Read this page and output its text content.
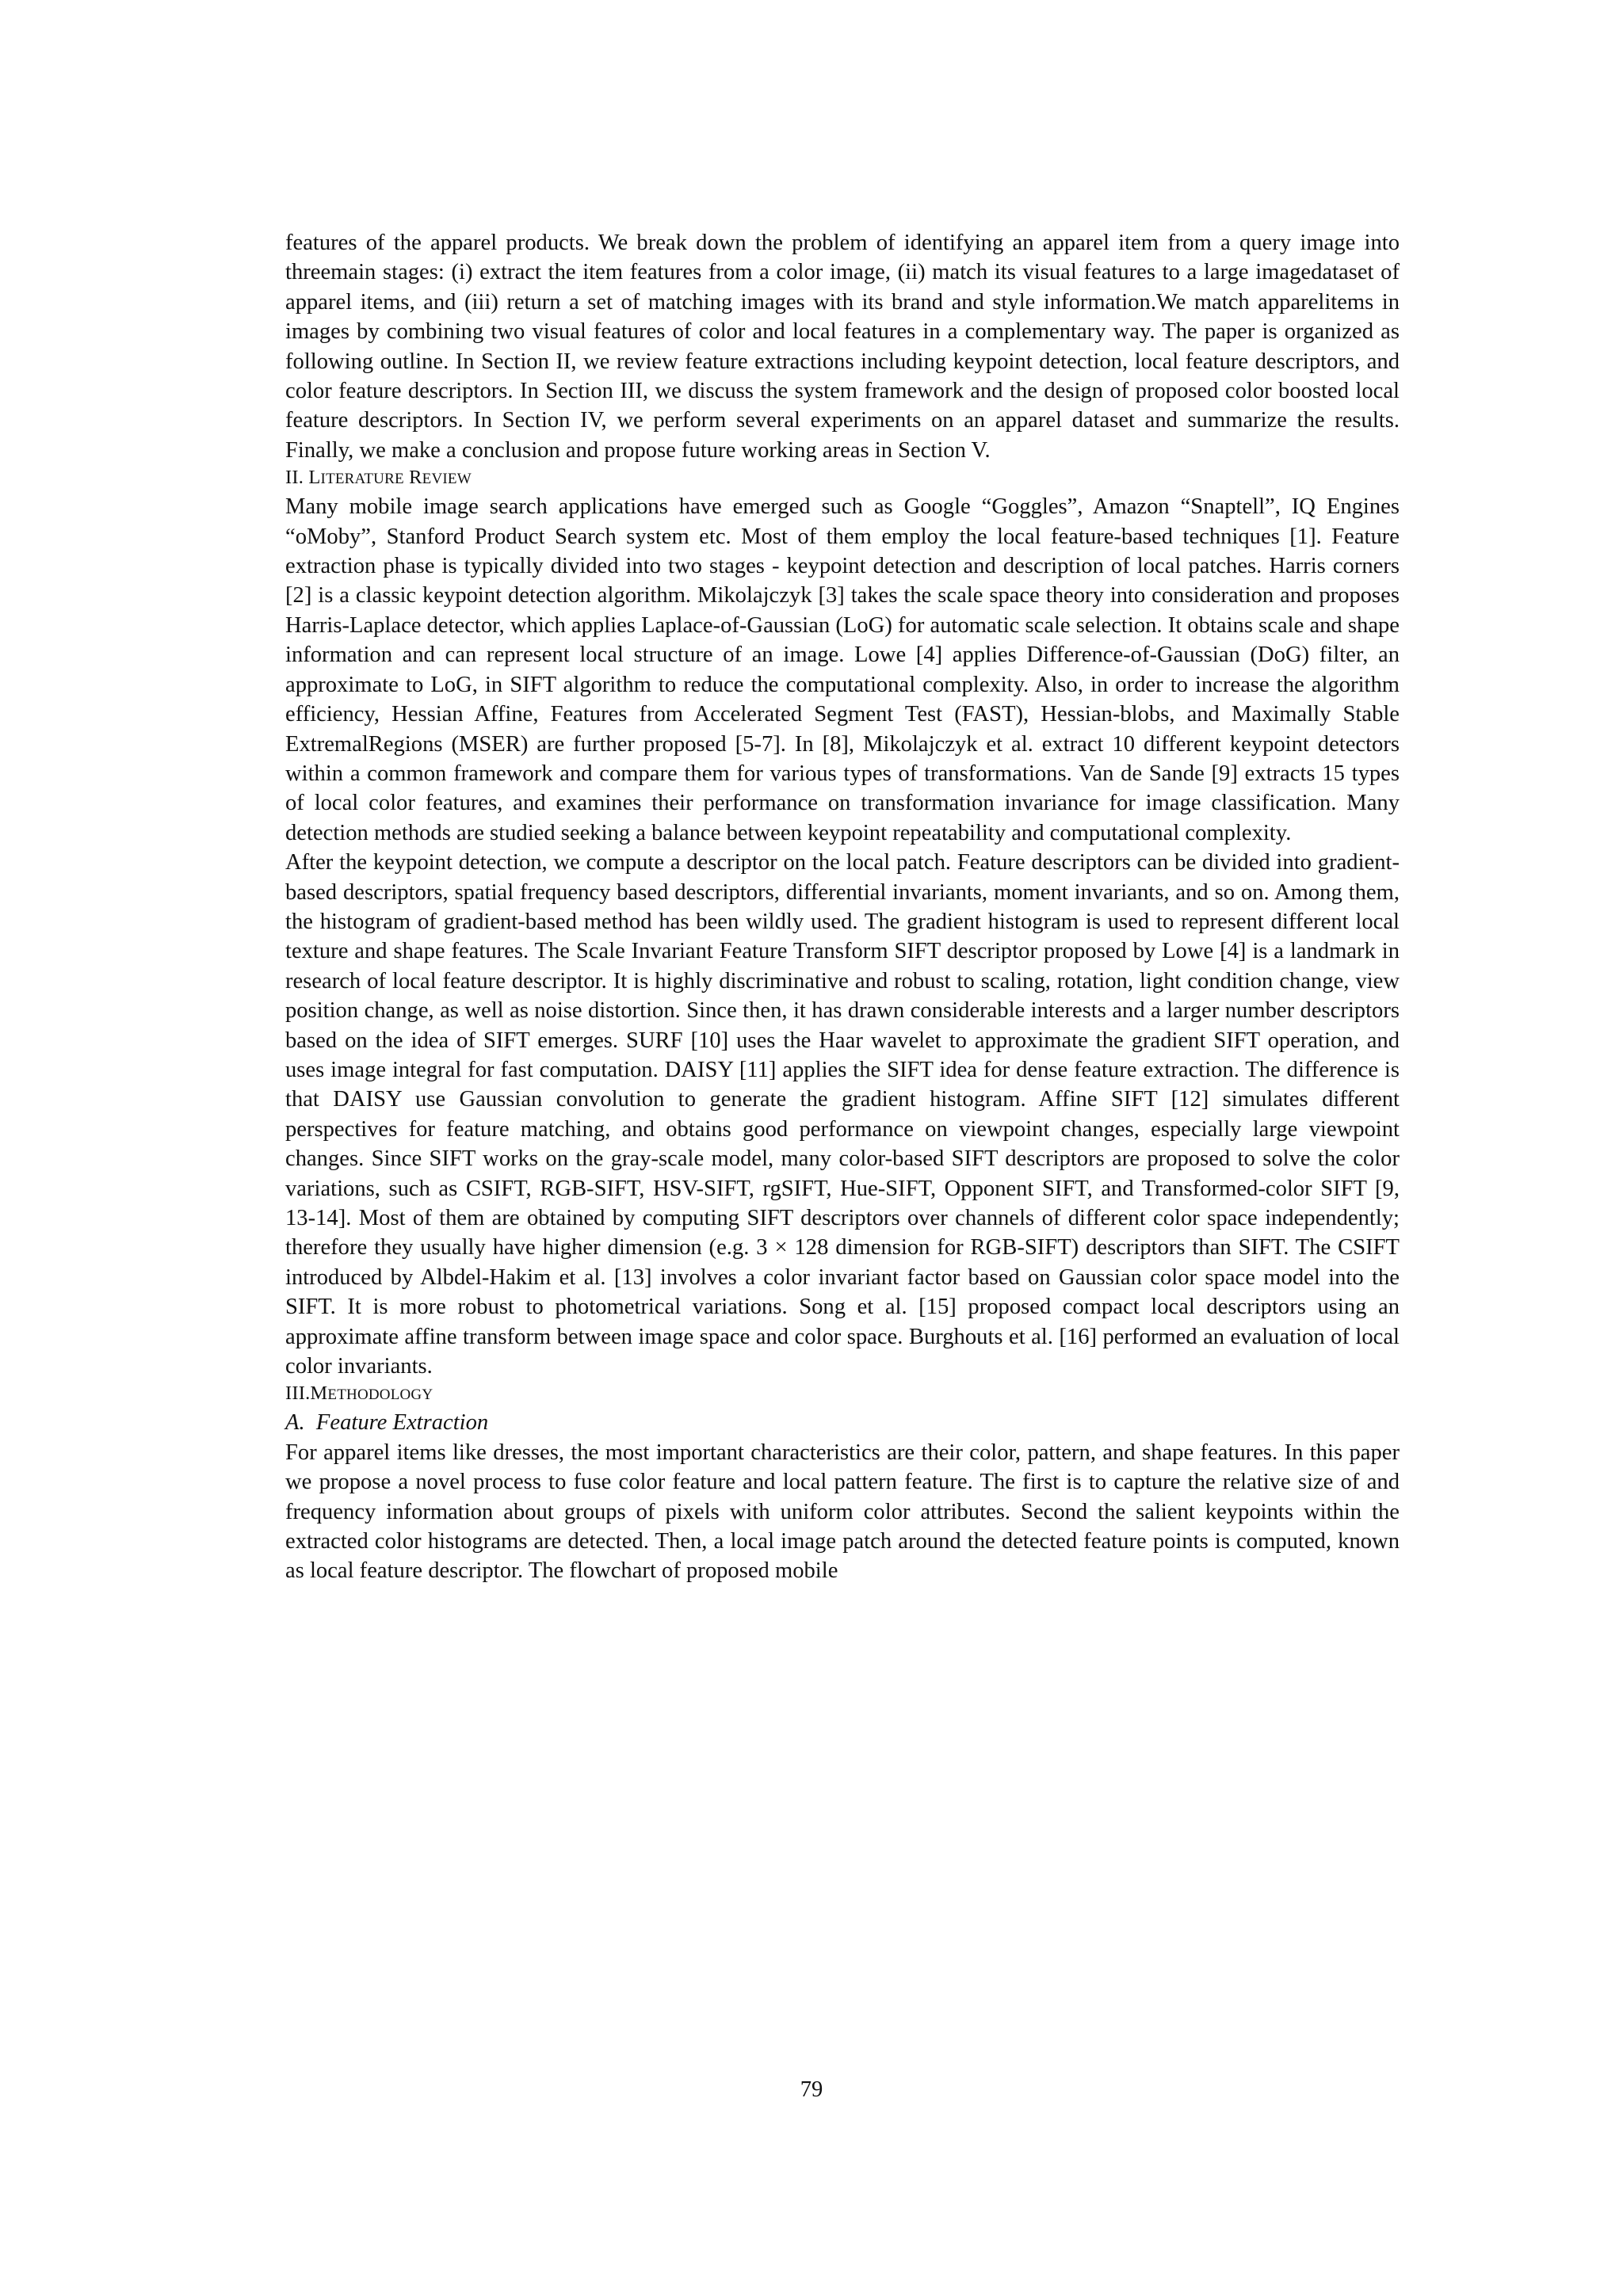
features of the apparel products. We break down the problem of identifying an apparel item from a query image into threemain stages: (i) extract the item features from a color image, (ii) match its visual features to a large imagedataset of apparel items, and (iii) return a set of matching images with its brand and style information.We match apparelitems in images by combining two visual features of color and local features in a complementary way. The paper is organized as following outline. In Section II, we review feature extractions including keypoint detection, local feature descriptors, and color feature descriptors. In Section III, we discuss the system framework and the design of proposed color boosted local feature descriptors. In Section IV, we perform several experiments on an apparel dataset and summarize the results. Finally, we make a conclusion and propose future working areas in Section V.

II. LITERATURE REVIEW

Many mobile image search applications have emerged such as Google “Goggles”, Amazon “Snaptell”, IQ Engines “oMoby”, Stanford Product Search system etc. Most of them employ the local feature-based techniques [1]. Feature extraction phase is typically divided into two stages - keypoint detection and description of local patches. Harris corners [2] is a classic keypoint detection algorithm. Mikolajczyk [3] takes the scale space theory into consideration and proposes Harris-Laplace detector, which applies Laplace-of-Gaussian (LoG) for automatic scale selection. It obtains scale and shape information and can represent local structure of an image. Lowe [4] applies Difference-of-Gaussian (DoG) filter, an approximate to LoG, in SIFT algorithm to reduce the computational complexity. Also, in order to increase the algorithm efficiency, Hessian Affine, Features from Accelerated Segment Test (FAST), Hessian-blobs, and Maximally Stable ExtremalRegions (MSER) are further proposed [5-7]. In [8], Mikolajczyk et al. extract 10 different keypoint detectors within a common framework and compare them for various types of transformations. Van de Sande [9] extracts 15 types of local color features, and examines their performance on transformation invariance for image classification. Many detection methods are studied seeking a balance between keypoint repeatability and computational complexity.

After the keypoint detection, we compute a descriptor on the local patch. Feature descriptors can be divided into gradient-based descriptors, spatial frequency based descriptors, differential invariants, moment invariants, and so on. Among them, the histogram of gradient-based method has been wildly used. The gradient histogram is used to represent different local texture and shape features. The Scale Invariant Feature Transform SIFT descriptor proposed by Lowe [4] is a landmark in research of local feature descriptor. It is highly discriminative and robust to scaling, rotation, light condition change, view position change, as well as noise distortion. Since then, it has drawn considerable interests and a larger number descriptors based on the idea of SIFT emerges. SURF [10] uses the Haar wavelet to approximate the gradient SIFT operation, and uses image integral for fast computation. DAISY [11] applies the SIFT idea for dense feature extraction. The difference is that DAISY use Gaussian convolution to generate the gradient histogram. Affine SIFT [12] simulates different perspectives for feature matching, and obtains good performance on viewpoint changes, especially large viewpoint changes. Since SIFT works on the gray-scale model, many color-based SIFT descriptors are proposed to solve the color variations, such as CSIFT, RGB-SIFT, HSV-SIFT, rgSIFT, Hue-SIFT, Opponent SIFT, and Transformed-color SIFT [9, 13-14]. Most of them are obtained by computing SIFT descriptors over channels of different color space independently; therefore they usually have higher dimension (e.g. 3 × 128 dimension for RGB-SIFT) descriptors than SIFT. The CSIFT introduced by Albdel-Hakim et al. [13] involves a color invariant factor based on Gaussian color space model into the SIFT. It is more robust to photometrical variations. Song et al. [15] proposed compact local descriptors using an approximate affine transform between image space and color space. Burghouts et al. [16] performed an evaluation of local color invariants.

III.METHODOLOGY
A. Feature Extraction

For apparel items like dresses, the most important characteristics are their color, pattern, and shape features. In this paper we propose a novel process to fuse color feature and local pattern feature. The first is to capture the relative size of and frequency information about groups of pixels with uniform color attributes. Second the salient keypoints within the extracted color histograms are detected. Then, a local image patch around the detected feature points is computed, known as local feature descriptor. The flowchart of proposed mobile

79
